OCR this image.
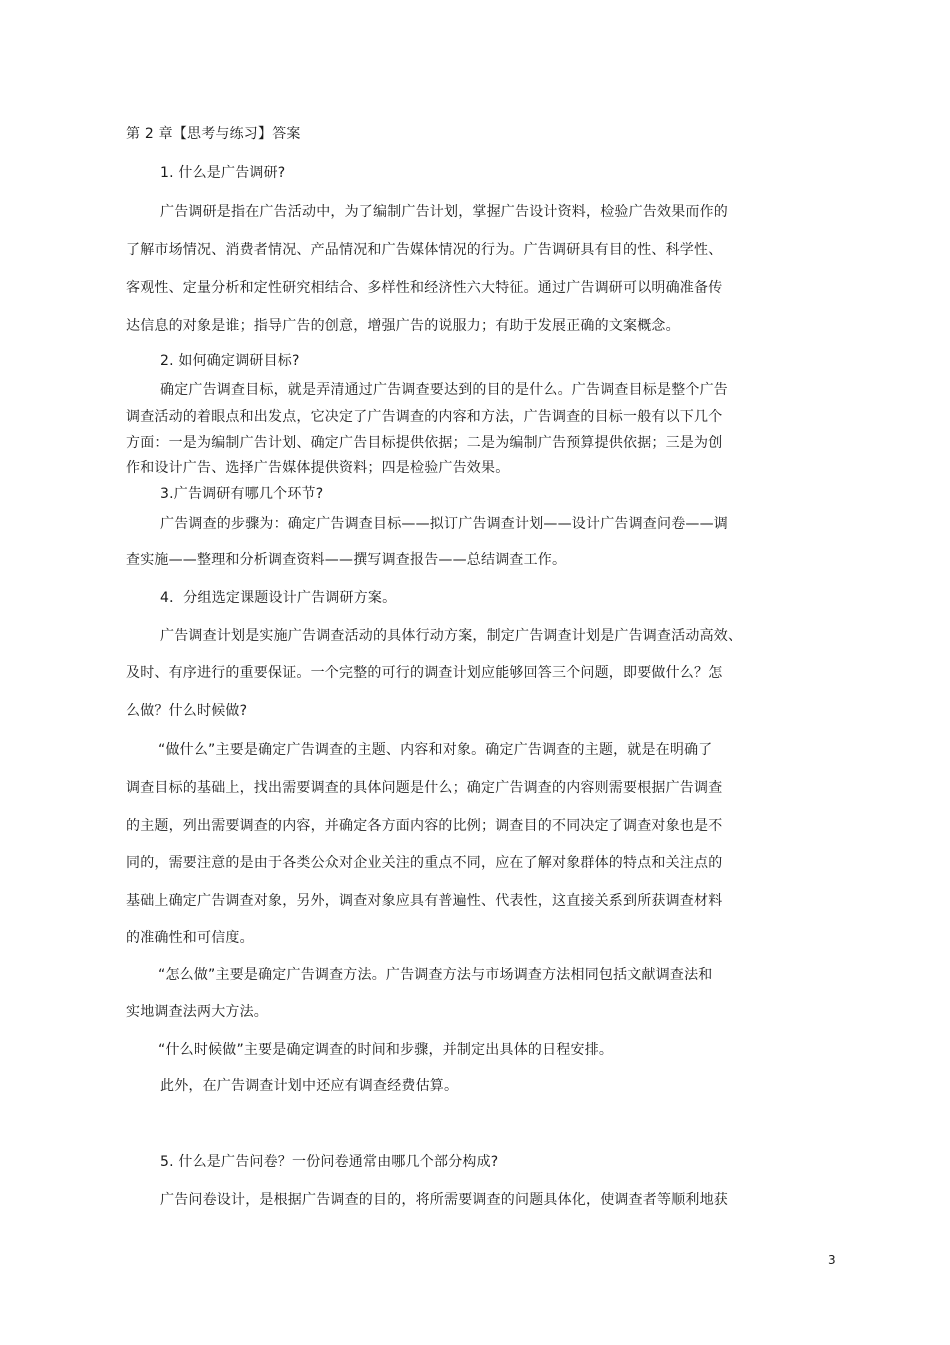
第 2 章【思考与练习】答案
1. 什么是广告调研?
广告调研是指在广告活动中，为了编制广告计划，掌握广告设计资料，检验广告效果而作的
了解市场情况、消费者情况、产品情况和广告媒体情况的行为。广告调研具有目的性、科学性、
客观性、定量分析和定性研究相结合、多样性和经济性六大特征。通过广告调研可以明确准备传
达信息的对象是谁；指导广告的创意，增强广告的说服力；有助于发展正确的文案概念。
2. 如何确定调研目标?
确定广告调查目标，就是弄清通过广告调查要达到的目的是什么。广告调查目标是整个广告
调查活动的着眼点和出发点，它决定了广告调查的内容和方法，广告调查的目标一般有以下几个
方面：一是为编制广告计划、确定广告目标提供依据；二是为编制广告预算提供依据；三是为创
作和设计广告、选择广告媒体提供资料；四是检验广告效果。
3.广告调研有哪几个环节?
广告调查的步骤为：确定广告调查目标——拟订广告调查计划——设计广告调查问卷——调
查实施——整理和分析调查资料——撰写调查报告——总结调查工作。
4．分组选定课题设计广告调研方案。
广告调查计划是实施广告调查活动的具体行动方案，制定广告调查计划是广告调查活动高效、
及时、有序进行的重要保证。一个完整的可行的调查计划应能够回答三个问题，即要做什么？怎
么做？什么时候做?
“做什么”主要是确定广告调查的主题、内容和对象。确定广告调查的主题，就是在明确了
调查目标的基础上，找出需要调查的具体问题是什么；确定广告调查的内容则需要根据广告调查
的主题，列出需要调查的内容，并确定各方面内容的比例；调查目的不同决定了调查对象也是不
同的，需要注意的是由于各类公众对企业关注的重点不同，应在了解对象群体的特点和关注点的
基础上确定广告调查对象，另外，调查对象应具有普遍性、代表性，这直接关系到所获调查材料
的准确性和可信度。
“怎么做”主要是确定广告调查方法。广告调查方法与市场调查方法相同包括文献调查法和
实地调查法两大方法。
“什么时候做”主要是确定调查的时间和步骤，并制定出具体的日程安排。
此外，在广告调查计划中还应有调查经费估算。
5. 什么是广告问卷？一份问卷通常由哪几个部分构成?
广告问卷设计，是根据广告调查的目的，将所需要调查的问题具体化，使调查者等顺利地获
3
